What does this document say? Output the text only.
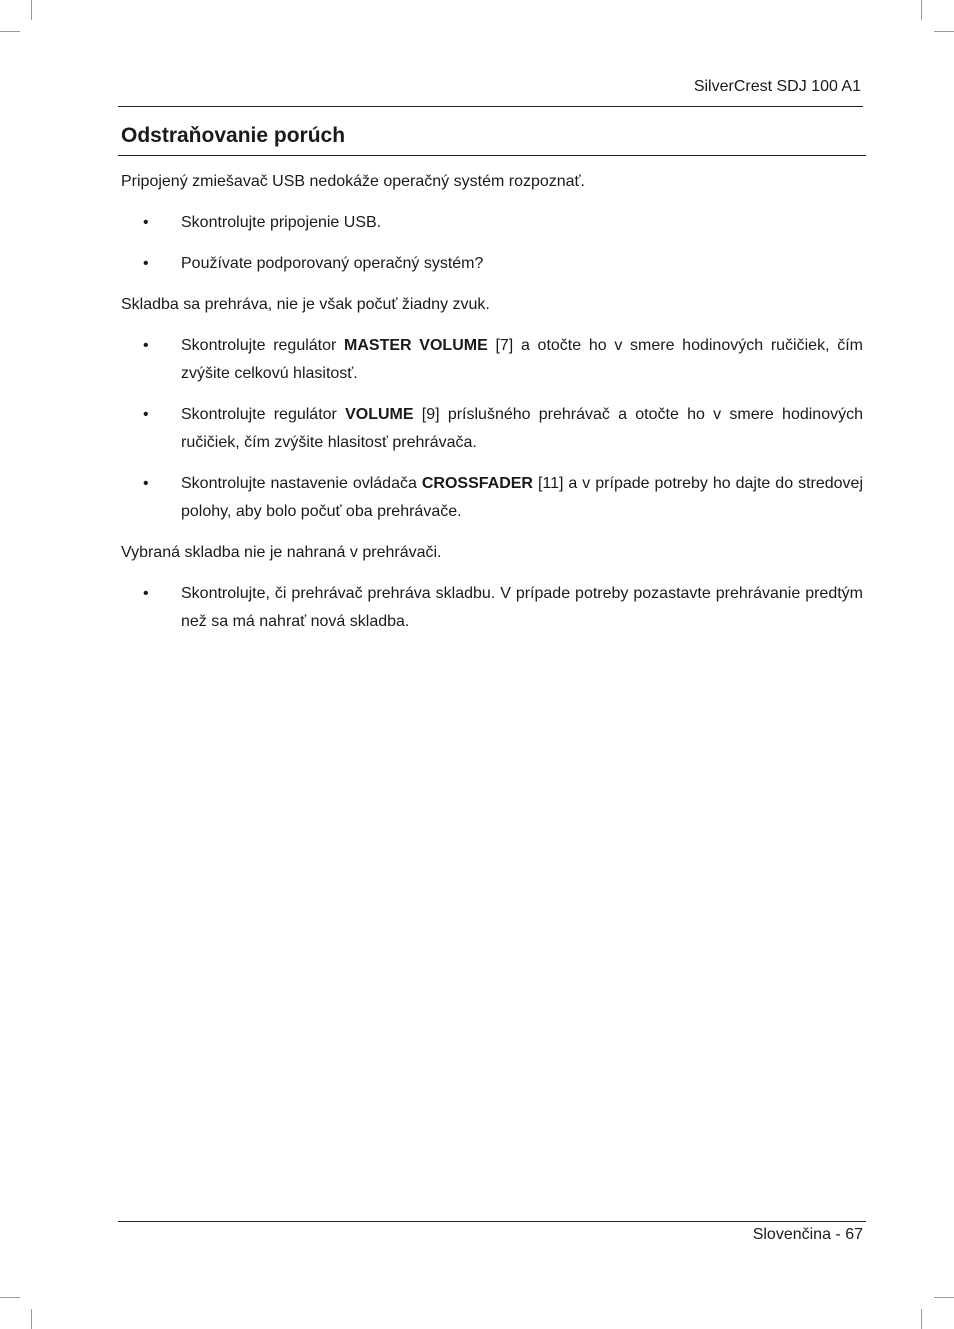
SilverCrest SDJ 100 A1
Odstraňovanie porúch

Pripojený zmiešavač USB nedokáže operačný systém rozpoznať.

• Skontrolujte pripojenie USB.
• Používate podporovaný operačný systém?

Skladba sa prehráva, nie je však počuť žiadny zvuk.

• Skontrolujte regulátor MASTER VOLUME [7] a otočte ho v smere hodinových ručičiek, čím zvýšite celkovú hlasitosť.
• Skontrolujte regulátor VOLUME [9] príslušného prehrávač a otočte ho v smere hodinových ručičiek, čím zvýšite hlasitosť prehrávača.
• Skontrolujte nastavenie ovládača CROSSFADER [11] a v prípade potreby ho dajte do stredovej polohy, aby bolo počuť oba prehrávače.

Vybraná skladba nie je nahraná v prehrávači.

• Skontrolujte, či prehrávač prehráva skladbu. V prípade potreby pozastavte prehrávanie predtým než sa má nahrať nová skladba.
Slovenčina - 67
